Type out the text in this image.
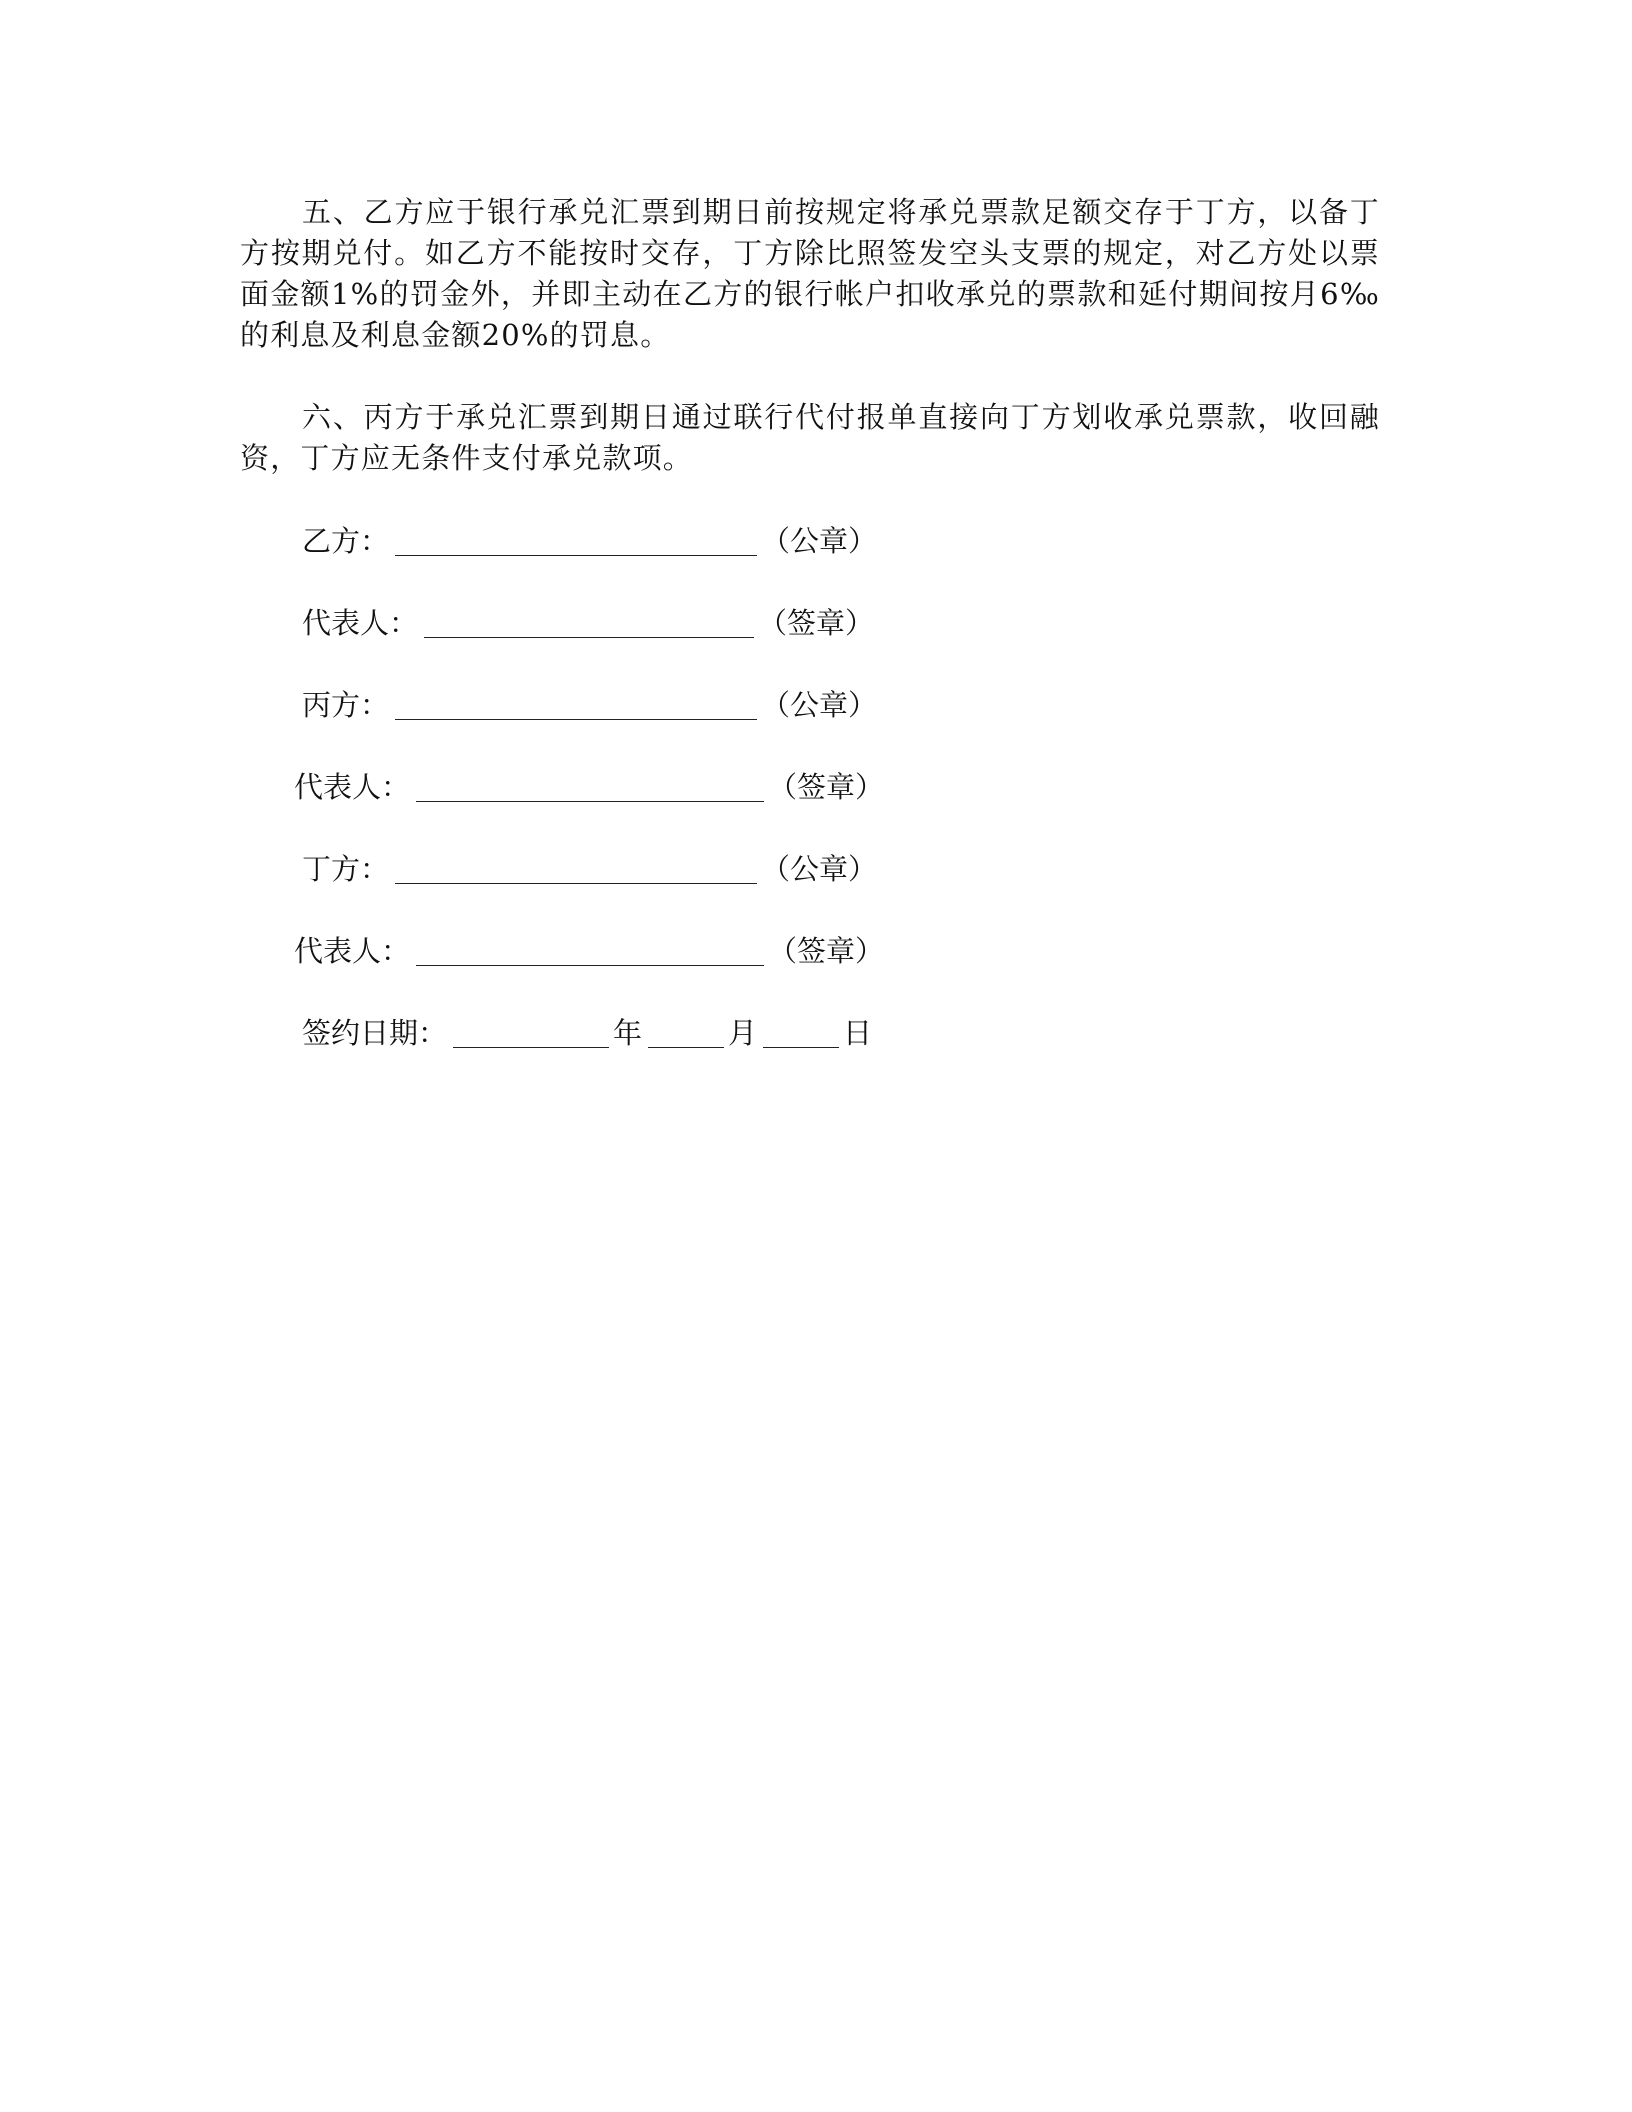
五、乙方应于银行承兑汇票到期日前按规定将承兑票款足额交存于丁方，以备丁方按期兑付。如乙方不能按时交存，丁方除比照签发空头支票的规定，对乙方处以票面金额1%的罚金外，并即主动在乙方的银行帐户扣收承兑的票款和延付期间按月6‰的利息及利息金额20%的罚息。

六、丙方于承兑汇票到期日通过联行代付报单直接向丁方划收承兑票款，收回融资，丁方应无条件支付承兑款项。

乙方：	（公章）
代表人：	（签章）
丙方：	（公章）
代表人：	（签章）
丁方：	（公章）
代表人：	（签章）
签约日期：	年	月	日
